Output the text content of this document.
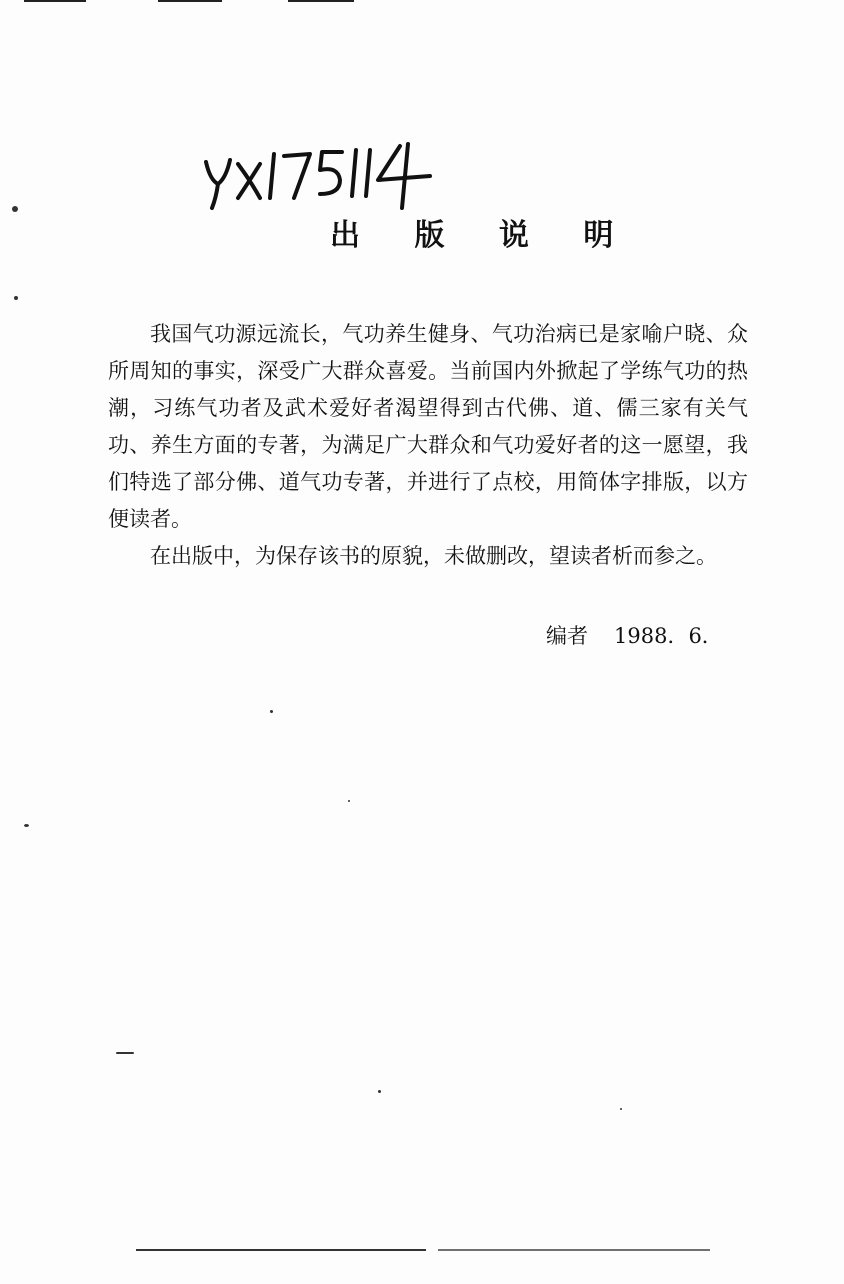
出 版 说 明

我国气功源远流长，气功养生健身、气功治病已是家喻户晓、众所周知的事实，深受广大群众喜爱。当前国内外掀起了学练气功的热潮，习练气功者及武术爱好者渴望得到古代佛、道、儒三家有关气功、养生方面的专著，为满足广大群众和气功爱好者的这一愿望，我们特选了部分佛、道气功专著，并进行了点校，用简体字排版，以方便读者。

在出版中，为保存该书的原貌，未做删改，望读者析而参之。

编者 1988．6．
